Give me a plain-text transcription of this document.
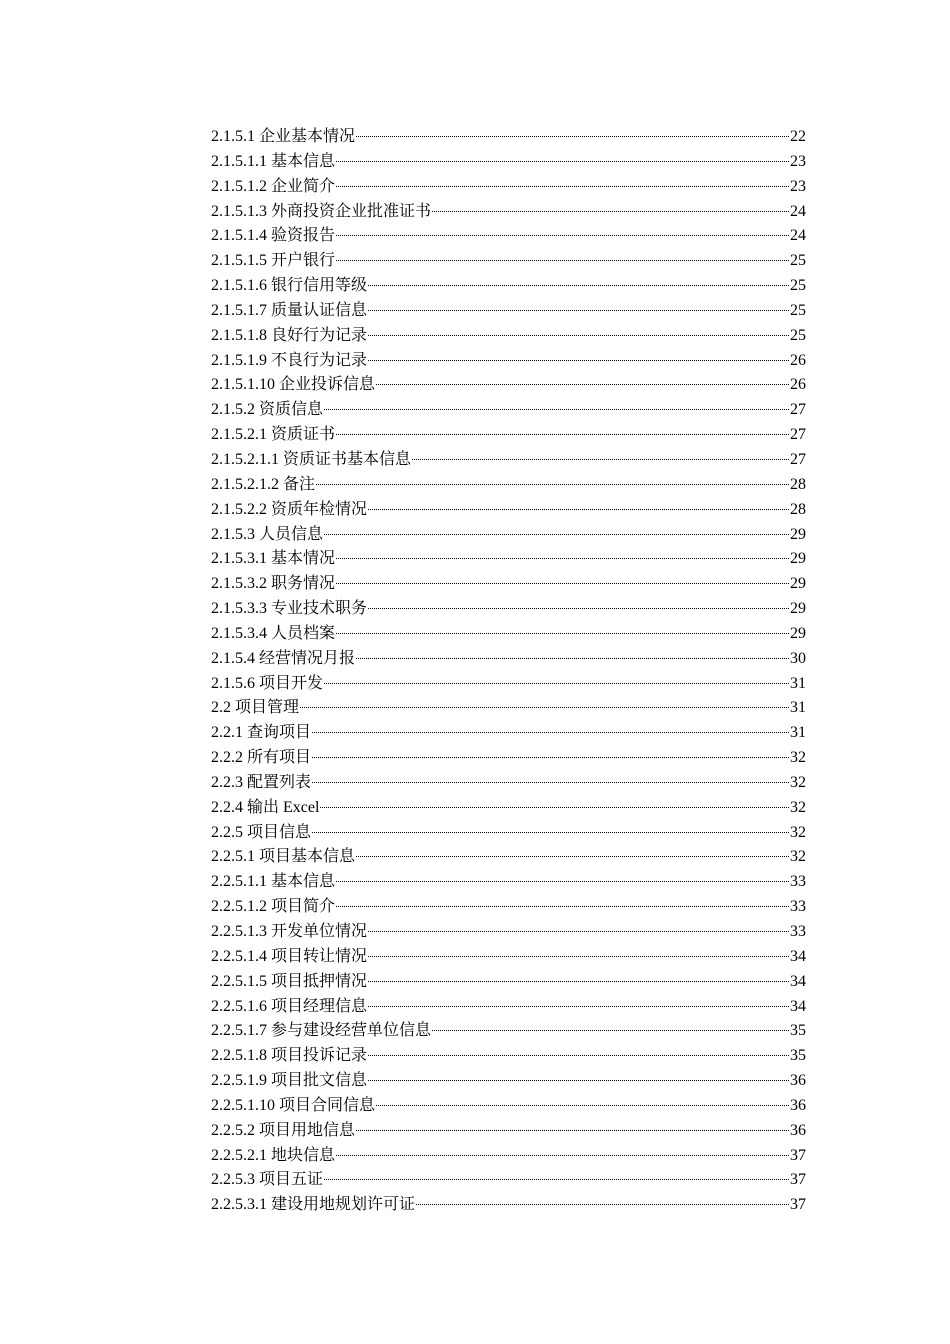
2.1.5.1 企业基本情况	22
2.1.5.1.1 基本信息	23
2.1.5.1.2 企业简介	23
2.1.5.1.3 外商投资企业批准证书	24
2.1.5.1.4 验资报告	24
2.1.5.1.5 开户银行	25
2.1.5.1.6 银行信用等级	25
2.1.5.1.7 质量认证信息	25
2.1.5.1.8 良好行为记录	25
2.1.5.1.9 不良行为记录	26
2.1.5.1.10 企业投诉信息	26
2.1.5.2 资质信息	27
2.1.5.2.1 资质证书	27
2.1.5.2.1.1 资质证书基本信息	27
2.1.5.2.1.2 备注	28
2.1.5.2.2 资质年检情况	28
2.1.5.3 人员信息	29
2.1.5.3.1 基本情况	29
2.1.5.3.2 职务情况	29
2.1.5.3.3 专业技术职务	29
2.1.5.3.4 人员档案	29
2.1.5.4 经营情况月报	30
2.1.5.6 项目开发	31
2.2 项目管理	31
2.2.1 查询项目	31
2.2.2 所有项目	32
2.2.3 配置列表	32
2.2.4 输出 Excel	32
2.2.5 项目信息	32
2.2.5.1 项目基本信息	32
2.2.5.1.1 基本信息	33
2.2.5.1.2 项目简介	33
2.2.5.1.3 开发单位情况	33
2.2.5.1.4 项目转让情况	34
2.2.5.1.5 项目抵押情况	34
2.2.5.1.6 项目经理信息	34
2.2.5.1.7 参与建设经营单位信息	35
2.2.5.1.8 项目投诉记录	35
2.2.5.1.9 项目批文信息	36
2.2.5.1.10 项目合同信息	36
2.2.5.2 项目用地信息	36
2.2.5.2.1 地块信息	37
2.2.5.3 项目五证	37
2.2.5.3.1 建设用地规划许可证	37
